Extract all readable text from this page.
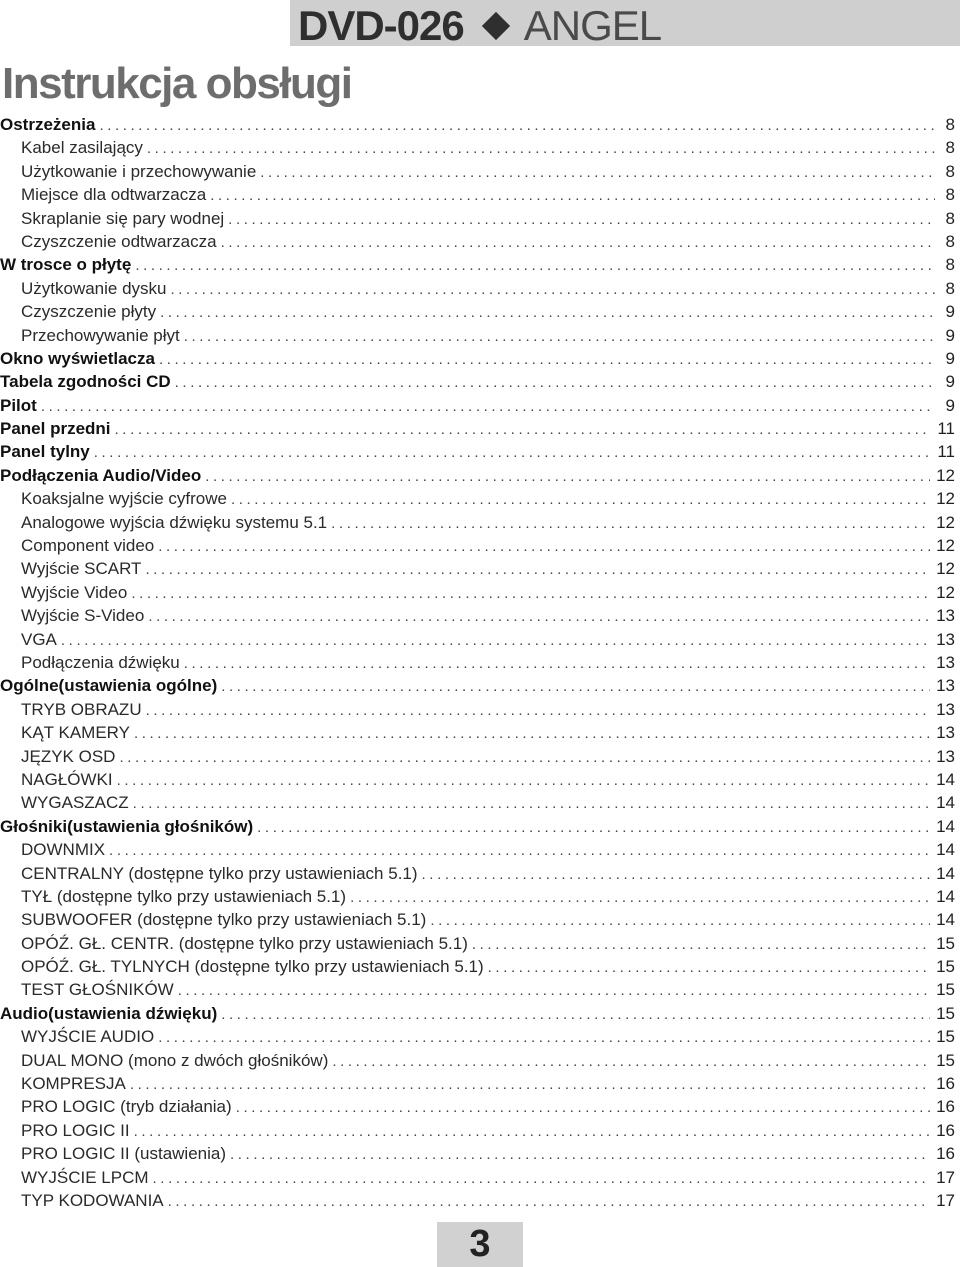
DVD-026 ANGEL
Instrukcja obsługi
Ostrzeżenia .....	8
Kabel zasilający .....	8
Użytkowanie i przechowywanie .....	8
Miejsce dla odtwarzacza .....	8
Skraplanie się pary wodnej .....	8
Czyszczenie odtwarzacza .....	8
W trosce o płytę .....	8
Użytkowanie dysku .....	8
Czyszczenie płyty .....	9
Przechowywanie płyt .....	9
Okno wyświetlacza .....	9
Tabela zgodności CD .....	9
Pilot .....	9
Panel przedni .....	11
Panel tylny .....	11
Podłączenia Audio/Video .....	12
Koaksjalne wyjście cyfrowe .....	12
Analogowe wyjścia dźwięku systemu 5.1 .....	12
Component video .....	12
Wyjście SCART .....	12
Wyjście Video .....	12
Wyjście S-Video .....	13
VGA .....	13
Podłączenia dźwięku .....	13
Ogólne(ustawienia ogólne) .....	13
TRYB OBRAZU .....	13
KĄT KAMERY .....	13
JĘZYK OSD .....	13
NAGŁÓWKI .....	14
WYGASZACZ .....	14
Głośniki(ustawienia głośników) .....	14
DOWNMIX .....	14
CENTRALNY (dostępne tylko przy ustawieniach 5.1) .....	14
TYŁ (dostępne tylko przy ustawieniach 5.1) .....	14
SUBWOOFER (dostępne tylko przy ustawieniach 5.1) .....	14
OPÓŹ. GŁ. CENTR. (dostępne tylko przy ustawieniach 5.1) .....	15
OPÓŹ. GŁ. TYLNYCH (dostępne tylko przy ustawieniach 5.1) .....	15
TEST GŁOŚNIKÓW .....	15
Audio(ustawienia dźwięku) .....	15
WYJŚCIE AUDIO .....	15
DUAL MONO (mono z dwóch głośników) .....	15
KOMPRESJA .....	16
PRO LOGIC (tryb działania) .....	16
PRO LOGIC II .....	16
PRO LOGIC II (ustawienia) .....	16
WYJŚCIE LPCM .....	17
TYP KODOWANIA .....	17
3
